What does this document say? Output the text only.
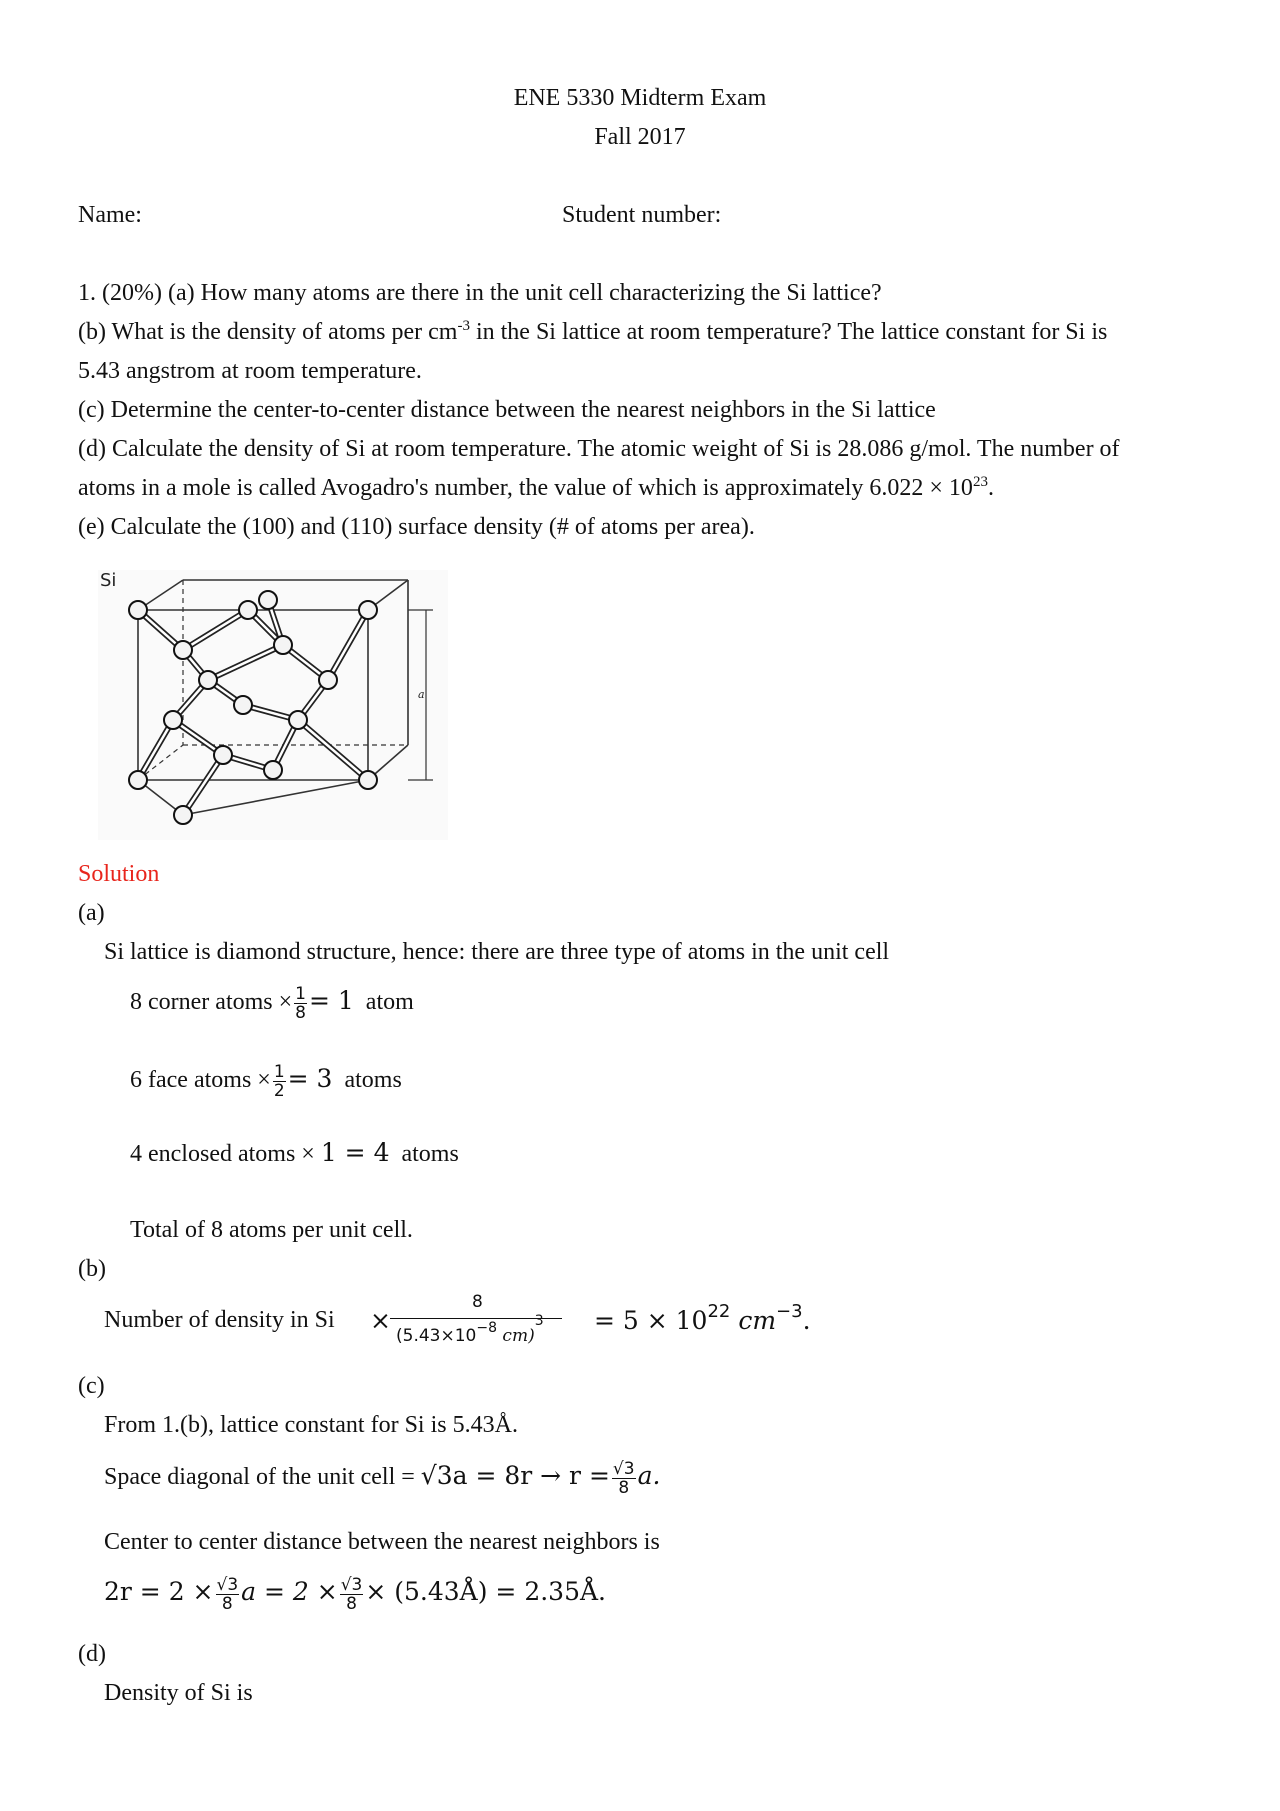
ENE 5330 Midterm Exam
Fall 2017
Name:	Student number:
1. (20%) (a) How many atoms are there in the unit cell characterizing the Si lattice?
(b) What is the density of atoms per $cm^{-3}$ in the Si lattice at room temperature? The lattice constant for Si is
5.43 angstrom at room temperature.
(c) Determine the center-to-center distance between the nearest neighbors in the Si lattice
(d) Calculate the density of Si at room temperature. The atomic weight of Si is 28.086 g/mol. The number of
atoms in a mole is called Avogadro's number, the value of which is approximately $6.022 \times 10^{23}$.
(e) Calculate the (100) and (110) surface density (# of atoms per area).
a
Si
Solution
(a)
Si lattice is diamond structure, hence: there are three type of atoms in the unit cell
8 corner atoms × $\frac{1}{8} = 1$ atom
6 face atoms × $\frac{1}{2} = 3$ atoms
4 enclosed atoms × 1 = 4 atoms
Total of 8 atoms per unit cell.
(b)
Number of density in Si ×
8
($5.43\times 10^{-8}$ $cm)^3 = 5 \times 10^{22}$ $cm^{-3}$.
(c)
From 1.(b), lattice constant for Si is 5.43Å.
Space diagonal of the unit cell = $√3a = 8r \to r = \frac{√3}{8} a$.
Center to center distance between the nearest neighbors is
$2r = 2 \times \frac{√3}{8}$ $a = 2 \times \frac{√3}{8}$ × (5.43Å) = 2.35Å.
(d)
Density of Si is
